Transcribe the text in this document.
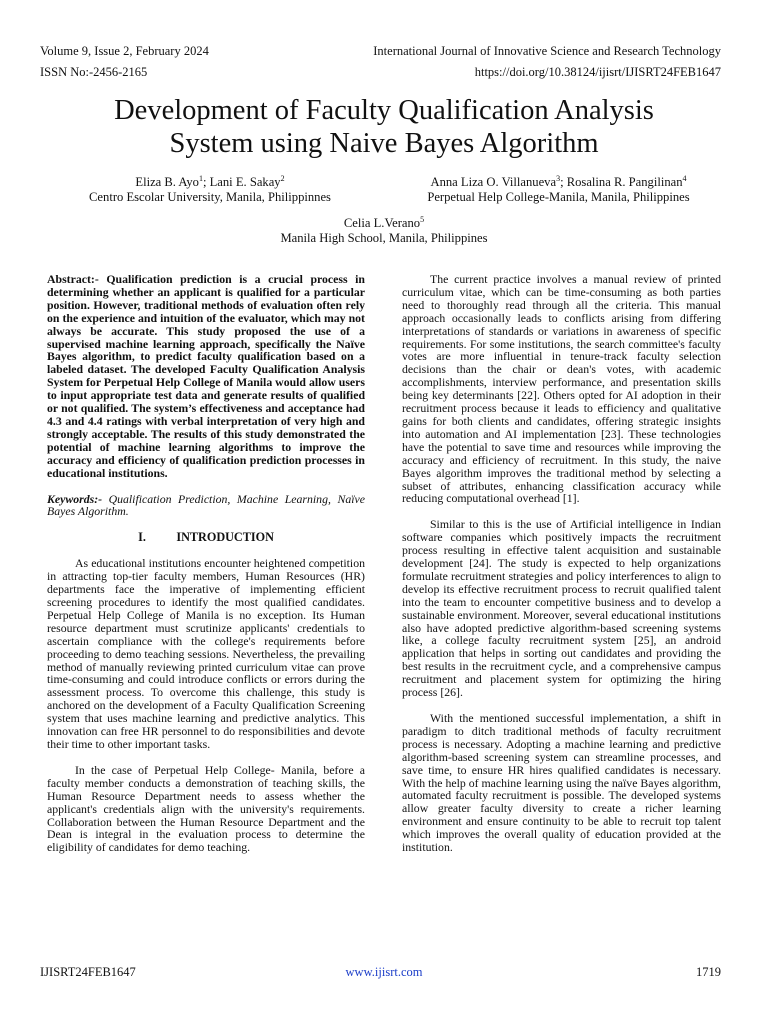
Volume 9, Issue 2, February 2024	International Journal of Innovative Science and Research Technology
ISSN No:-2456-2165	https://doi.org/10.38124/ijisrt/IJISRT24FEB1647
Development of Faculty Qualification Analysis
System using Naive Bayes Algorithm
Eliza B. Ayo$^1$; Lani E. Sakay$^2$
Centro Escolar University, Manila, Philippinnes
Anna Liza O. Villanueva$^3$; Rosalina R. Pangilinan$^4$
Perpetual Help College-Manila, Manila, Philippines
Celia L.Verano$^5$
Manila High School, Manila, Philippines

Abstract:- Qualification prediction is a crucial process in determining whether an applicant is qualified for a particular position. However, traditional methods of evaluation often rely on the experience and intuition of the evaluator, which may not always be accurate. This study proposed the use of a supervised machine learning approach, specifically the Naïve Bayes algorithm, to predict faculty qualification based on a labeled dataset. The developed Faculty Qualification Analysis System for Perpetual Help College of Manila would allow users to input appropriate test data and generate results of qualified or not qualified. The system’s effectiveness and acceptance had 4.3 and 4.4 ratings with verbal interpretation of very high and strongly acceptable. The results of this study demonstrated the potential of machine learning algorithms to improve the accuracy and efficiency of qualification prediction processes in educational institutions.

Keywords:- Qualification Prediction, Machine Learning, Naïve Bayes Algorithm.

I.          INTRODUCTION

As educational institutions encounter heightened competition in attracting top-tier faculty members, Human Resources (HR) departments face the imperative of implementing efficient screening procedures to identify the most qualified candidates. Perpetual Help College of Manila is no exception. Its Human resource department must scrutinize applicants' credentials to ascertain compliance with the college's requirements before proceeding to demo teaching sessions. Nevertheless, the prevailing method of manually reviewing printed curriculum vitae can prove time-consuming and could introduce conflicts or errors during the assessment process. To overcome this challenge, this study is anchored on the development of a Faculty Qualification Screening system that uses machine learning and predictive analytics. This innovation can free HR personnel to do responsibilities and devote their time to other important tasks.

In the case of Perpetual Help College- Manila, before a faculty member conducts a demonstration of teaching skills, the Human Resource Department needs to assess whether the applicant's credentials align with the university's requirements. Collaboration between the Human Resource Department and the Dean is integral in the evaluation process to determine the eligibility of candidates for demo teaching.

The current practice involves a manual review of printed curriculum vitae, which can be time-consuming as both parties need to thoroughly read through all the criteria. This manual approach occasionally leads to conflicts arising from differing interpretations of standards or variations in awareness of specific requirements. For some institutions, the search committee's faculty votes are more influential in tenure-track faculty selection decisions than the chair or dean's votes, with academic accomplishments, interview performance, and presentation skills being key determinants [22]. Others opted for AI adoption in their recruitment process because it leads to efficiency and qualitative gains for both clients and candidates, offering strategic insights into automation and AI implementation [23]. These technologies have the potential to save time and resources while improving the accuracy and efficiency of recruitment. In this study, the naive Bayes algorithm improves the traditional method by selecting a subset of attributes, enhancing classification accuracy while reducing computational overhead [1].

Similar to this is the use of Artificial intelligence in Indian software companies which positively impacts the recruitment process resulting in effective talent acquisition and sustainable development [24]. The study is expected to help organizations formulate recruitment strategies and policy interferences to align to develop its effective recruitment process to recruit qualified talent into the team to encounter competitive business and to develop a sustainable environment. Moreover, several educational institutions also have adopted predictive algorithm-based screening systems like, a college faculty recruitment system [25], an android application that helps in sorting out candidates and providing the best results in the recruitment cycle, and a comprehensive campus recruitment and placement system for optimizing the hiring process [26].

With the mentioned successful implementation, a shift in paradigm to ditch traditional methods of faculty recruitment process is necessary. Adopting a machine learning and predictive algorithm-based screening system can streamline processes, and save time, to ensure HR hires qualified candidates is necessary. With the help of machine learning using the naïve Bayes algorithm, automated faculty recruitment is possible. The developed systems allow greater faculty diversity to create a richer learning environment and ensure continuity to be able to recruit top talent which improves the overall quality of education provided at the institution.

IJISRT24FEB1647	www.ijisrt.com	1719
